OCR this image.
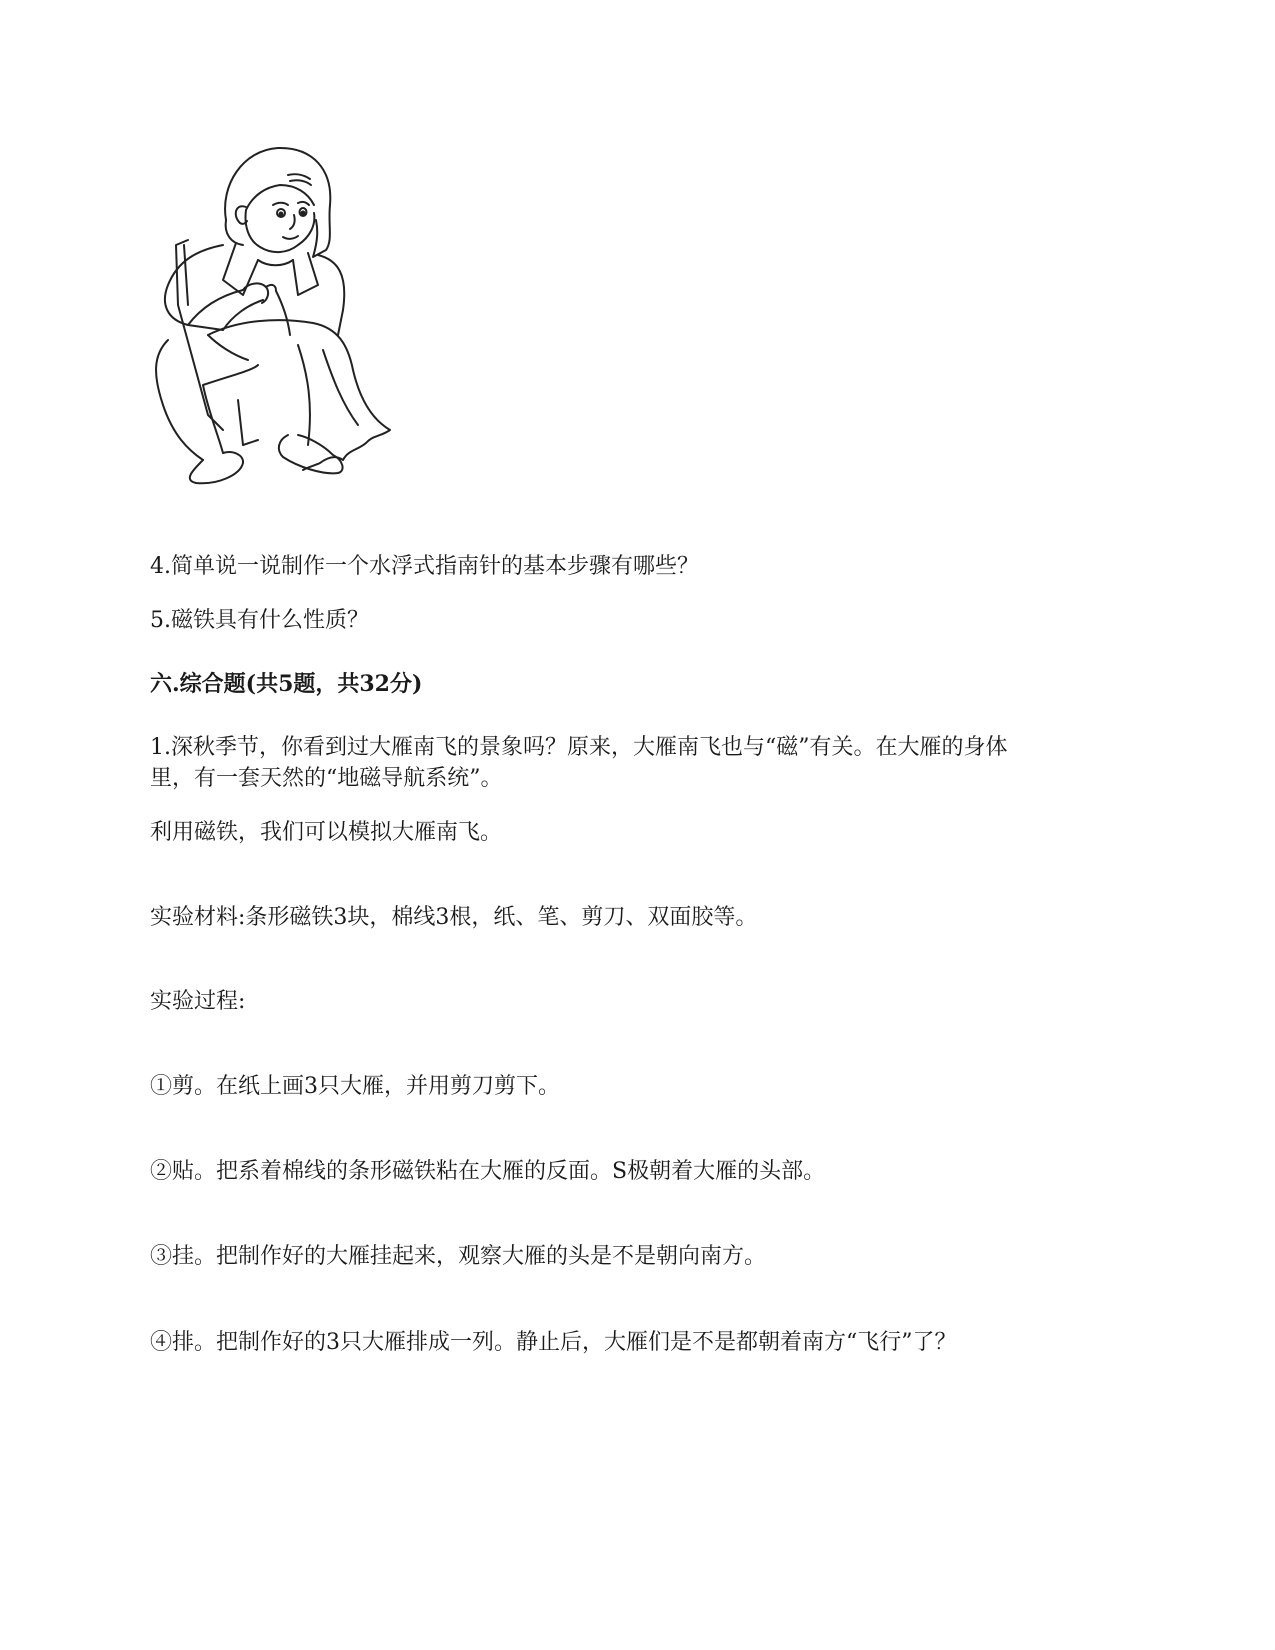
4.简单说一说制作一个水浮式指南针的基本步骤有哪些？
5.磁铁具有什么性质？
六.综合题(共5题，共32分)
1.深秋季节，你看到过大雁南飞的景象吗？原来，大雁南飞也与“磁”有关。在大雁的身体
里，有一套天然的“地磁导航系统”。
利用磁铁，我们可以模拟大雁南飞。
实验材料:条形磁铁3块，棉线3根，纸、笔、剪刀、双面胶等。
实验过程:
①剪。在纸上画3只大雁，并用剪刀剪下。
②贴。把系着棉线的条形磁铁粘在大雁的反面。S极朝着大雁的头部。
③挂。把制作好的大雁挂起来，观察大雁的头是不是朝向南方。
④排。把制作好的3只大雁排成一列。静止后，大雁们是不是都朝着南方“飞行”了？
